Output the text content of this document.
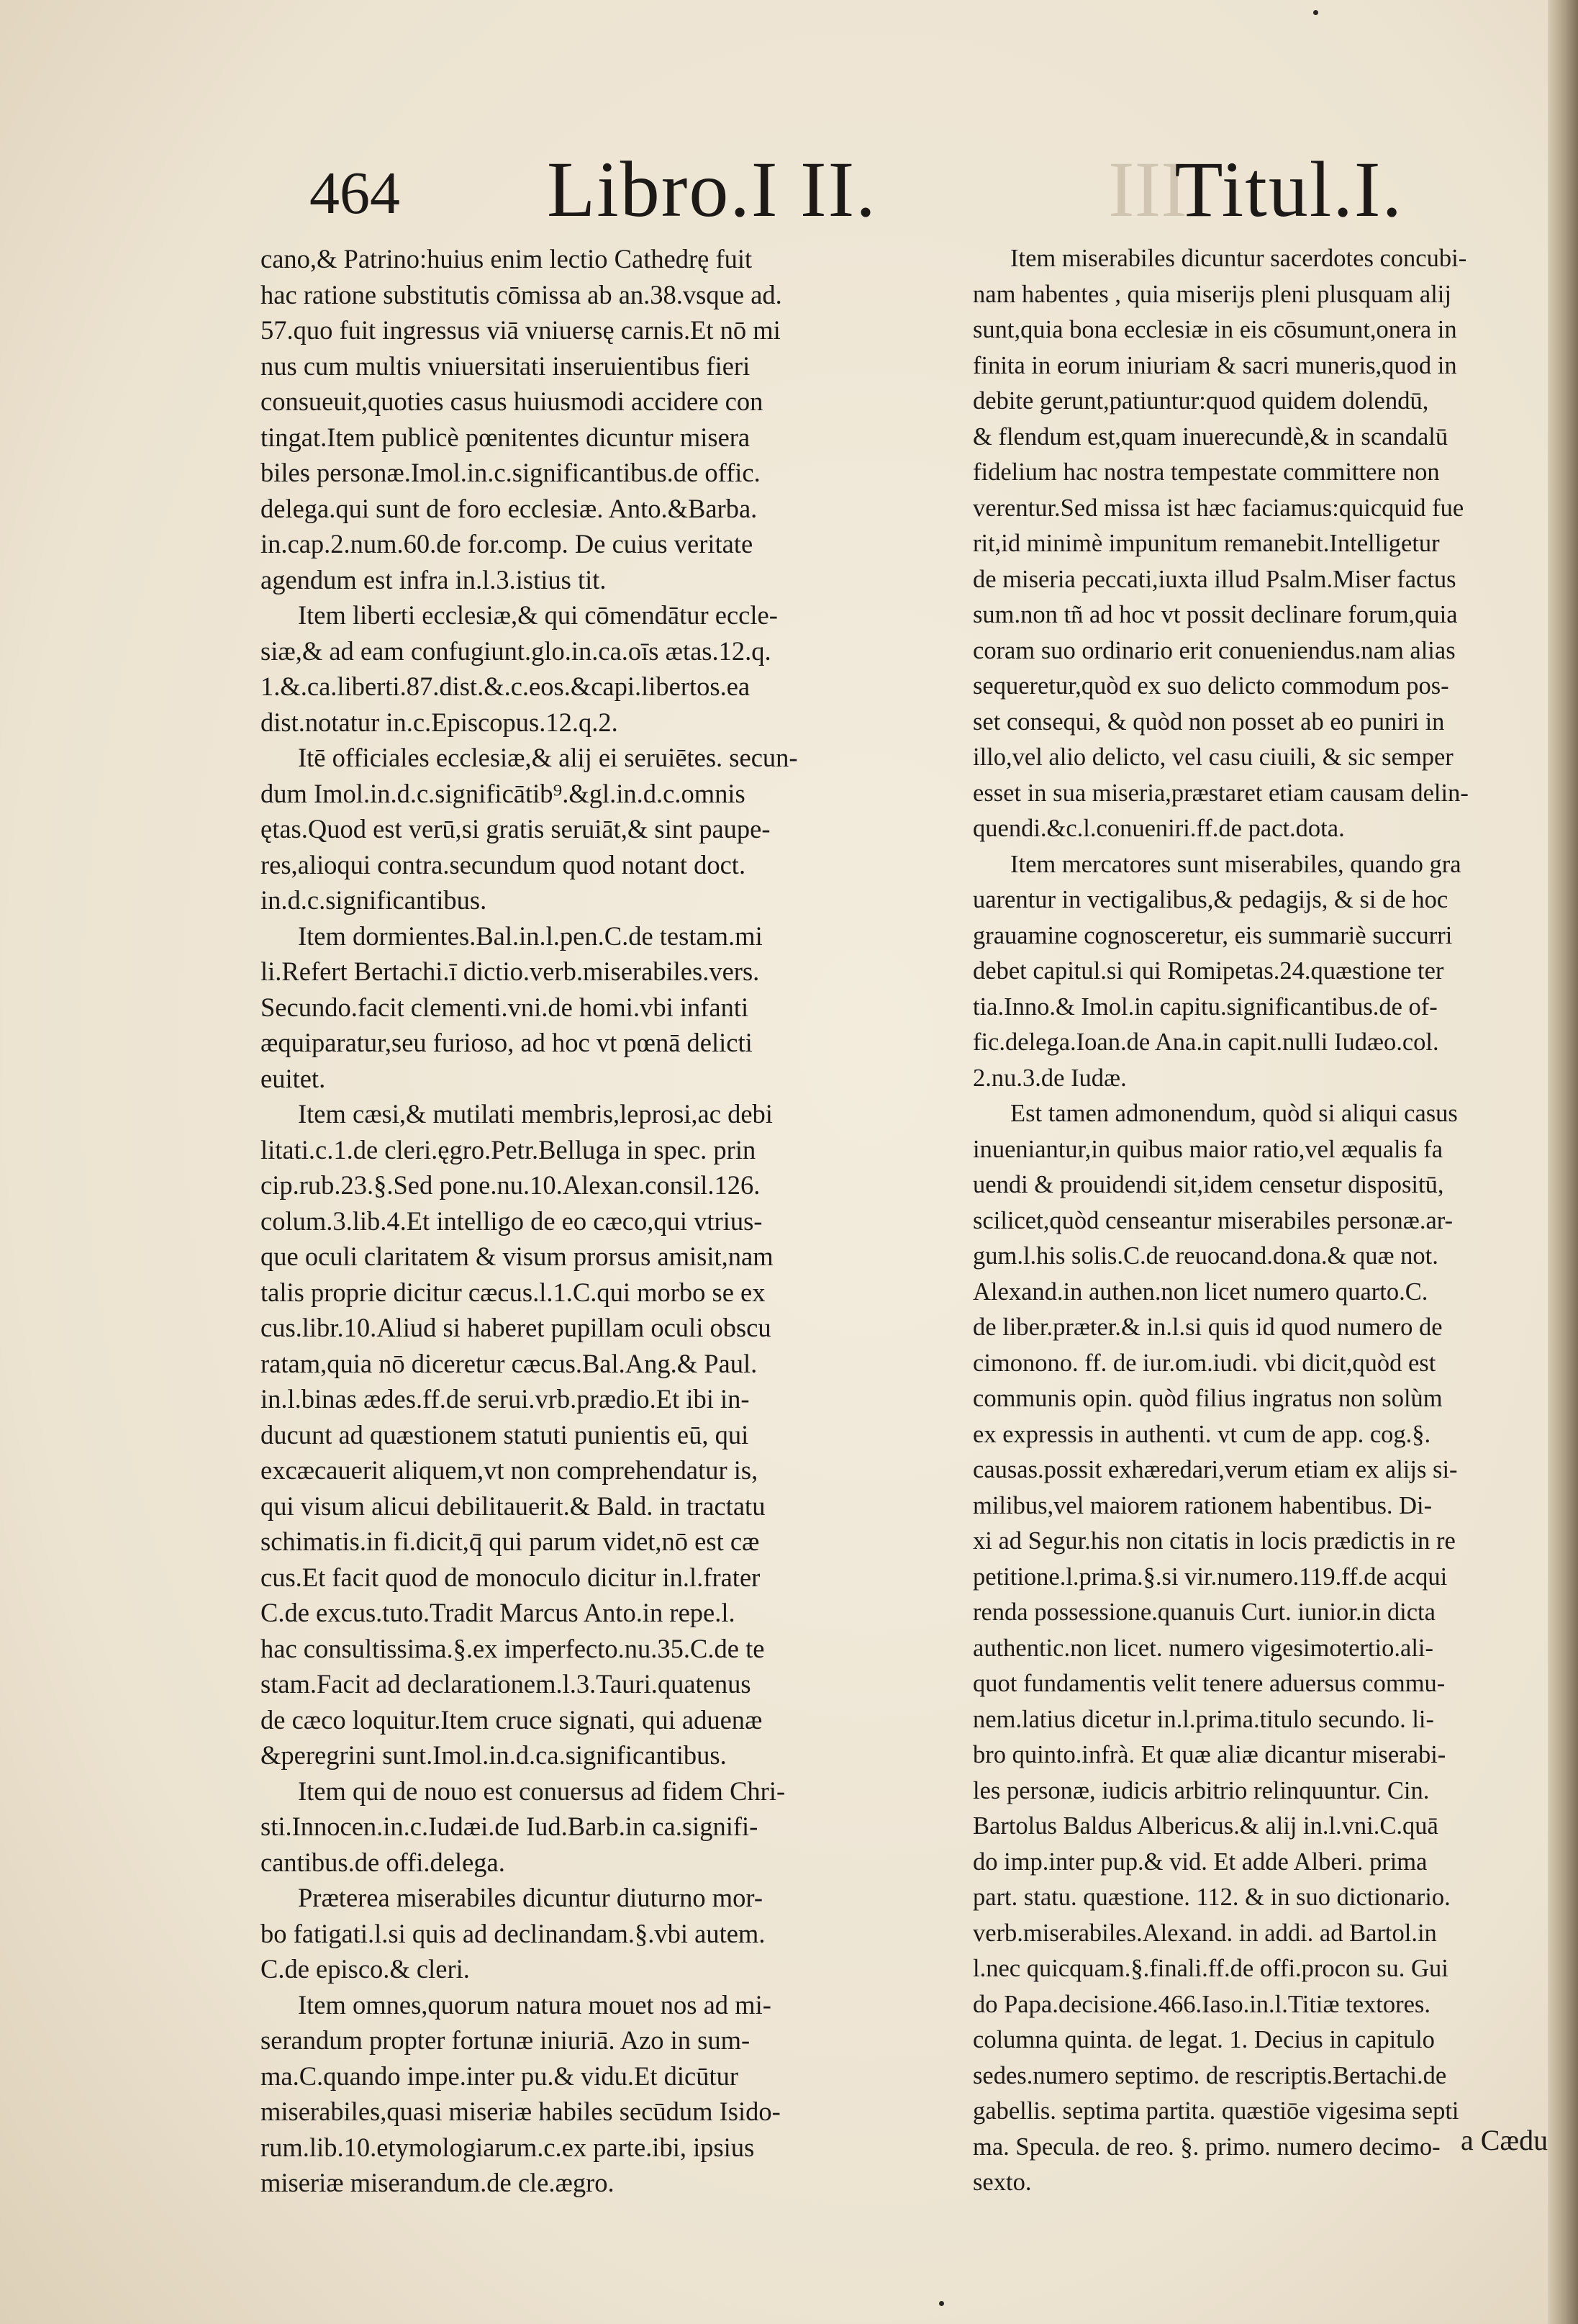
464 Libro.I II.	III
Titul.I.
cano,& Patrino:huius enim lectio Cathedrę fuit
hac ratione substitutis cōmissa ab an.38.vsque ad.
57.quo fuit ingressus viā vniuersę carnis.Et nō mi
nus cum multis vniuersitati inseruientibus fieri
consueuit,quoties casus huiusmodi accidere con
tingat.Item publicè pœnitentes dicuntur misera
biles personæ.Imol.in.c.significantibus.de offic.
delega.qui sunt de foro ecclesiæ. Anto.&Barba.
in.cap.2.num.60.de for.comp. De cuius veritate
agendum est infra in.l.3.istius tit.
Item liberti ecclesiæ,& qui cōmendātur eccle-
siæ,& ad eam confugiunt.glo.in.ca.oīs ætas.12.q.
1.&.ca.liberti.87.dist.&.c.eos.&capi.libertos.ea
dist.notatur in.c.Episcopus.12.q.2.
Itē officiales ecclesiæ,& alij ei seruiētes. secun-
dum Imol.in.d.c.significātib⁹.&gl.in.d.c.omnis
ętas.Quod est verū,si gratis seruiāt,& sint paupe-
res,alioqui contra.secundum quod notant doct.
in.d.c.significantibus.
Item dormientes.Bal.in.l.pen.C.de testam.mi
li.Refert Bertachi.ī dictio.verb.miserabiles.vers.
Secundo.facit clementi.vni.de homi.vbi infanti
æquiparatur,seu furioso, ad hoc vt pœnā delicti
euitet.
Item cæsi,& mutilati membris,leprosi,ac debi
litati.c.1.de cleri.ęgro.Petr.Belluga in spec. prin
cip.rub.23.§.Sed pone.nu.10.Alexan.consil.126.
colum.3.lib.4.Et intelligo de eo cæco,qui vtrius-
que oculi claritatem & visum prorsus amisit,nam
talis proprie dicitur cæcus.l.1.C.qui morbo se ex
cus.libr.10.Aliud si haberet pupillam oculi obscu
ratam,quia nō diceretur cæcus.Bal.Ang.& Paul.
in.l.binas ædes.ff.de serui.vrb.prædio.Et ibi in-
ducunt ad quæstionem statuti punientis eū, qui
excæcauerit aliquem,vt non comprehendatur is,
qui visum alicui debilitauerit.& Bald. in tractatu
schimatis.in fi.dicit,q̄ qui parum videt,nō est cæ
cus.Et facit quod de monoculo dicitur in.l.frater
C.de excus.tuto.Tradit Marcus Anto.in repe.l.
hac consultissima.§.ex imperfecto.nu.35.C.de te
stam.Facit ad declarationem.l.3.Tauri.quatenus
de cæco loquitur.Item cruce signati, qui aduenæ
&peregrini sunt.Imol.in.d.ca.significantibus.
Item qui de nouo est conuersus ad fidem Chri-
sti.Innocen.in.c.Iudæi.de Iud.Barb.in ca.signifi-
cantibus.de offi.delega.
Præterea miserabiles dicuntur diuturno mor-
bo fatigati.l.si quis ad declinandam.§.vbi autem.
C.de episco.& cleri.
Item omnes,quorum natura mouet nos ad mi-
serandum propter fortunæ iniuriā. Azo in sum-
ma.C.quando impe.inter pu.& vidu.Et dicūtur
miserabiles,quasi miseriæ habiles secūdum Isido-
rum.lib.10.etymologiarum.c.ex parte.ibi, ipsius
miseriæ miserandum.de cle.ægro.
Item miserabiles dicuntur sacerdotes concubi-
nam habentes , quia miserijs pleni plusquam alij
sunt,quia bona ecclesiæ in eis cōsumunt,onera in
finita in eorum iniuriam & sacri muneris,quod in
debite gerunt,patiuntur:quod quidem dolendū,
& flendum est,quam inuerecundè,& in scandalū
fidelium hac nostra tempestate committere non
verentur.Sed missa ist hæc faciamus:quicquid fue
rit,id minimè impunitum remanebit.Intelligetur
de miseria peccati,iuxta illud Psalm.Miser factus
sum.non tñ ad hoc vt possit declinare forum,quia
coram suo ordinario erit conueniendus.nam alias
sequeretur,quòd ex suo delicto commodum pos-
set consequi, & quòd non posset ab eo puniri in
illo,vel alio delicto, vel casu ciuili, & sic semper
esset in sua miseria,præstaret etiam causam delin-
quendi.&c.l.conueniri.ff.de pact.dota.
Item mercatores sunt miserabiles, quando gra
uarentur in vectigalibus,& pedagijs, & si de hoc
grauamine cognosceretur, eis summariè succurri
debet capitul.si qui Romipetas.24.quæstione ter
tia.Inno.& Imol.in capitu.significantibus.de of-
fic.delega.Ioan.de Ana.in capit.nulli Iudæo.col.
2.nu.3.de Iudæ.
Est tamen admonendum, quòd si aliqui casus
inueniantur,in quibus maior ratio,vel æqualis fa
uendi & prouidendi sit,idem censetur dispositū,
scilicet,quòd censeantur miserabiles personæ.ar-
gum.l.his solis.C.de reuocand.dona.& quæ not.
Alexand.in authen.non licet numero quarto.C.
de liber.præter.& in.l.si quis id quod numero de
cimonono. ff. de iur.om.iudi. vbi dicit,quòd est
communis opin. quòd filius ingratus non solùm
ex expressis in authenti. vt cum de app. cog.§.
causas.possit exhæredari,verum etiam ex alijs si-
milibus,vel maiorem rationem habentibus. Di-
xi ad Segur.his non citatis in locis prædictis in re
petitione.l.prima.§.si vir.numero.119.ff.de acqui
renda possessione.quanuis Curt. iunior.in dicta
authentic.non licet. numero vigesimotertio.ali-
quot fundamentis velit tenere aduersus commu-
nem.latius dicetur in.l.prima.titulo secundo. li-
bro quinto.infrà. Et quæ aliæ dicantur miserabi-
les personæ, iudicis arbitrio relinquuntur. Cin.
Bartolus Baldus Albericus.& alij in.l.vni.C.quā
do imp.inter pup.& vid. Et adde Alberi. prima
part. statu. quæstione. 112. & in suo dictionario.
verb.miserabiles.Alexand. in addi. ad Bartol.in
l.nec quicquam.§.finali.ff.de offi.procon su. Gui
do Papa.decisione.466.Iaso.in.l.Titiæ textores.
columna quinta. de legat. 1. Decius in capitulo
sedes.numero septimo. de rescriptis.Bertachi.de
gabellis. septima partita. quæstiōe vigesima septi
ma. Specula. de reo. §. primo. numero decimo-
sexto.
a Cædu
